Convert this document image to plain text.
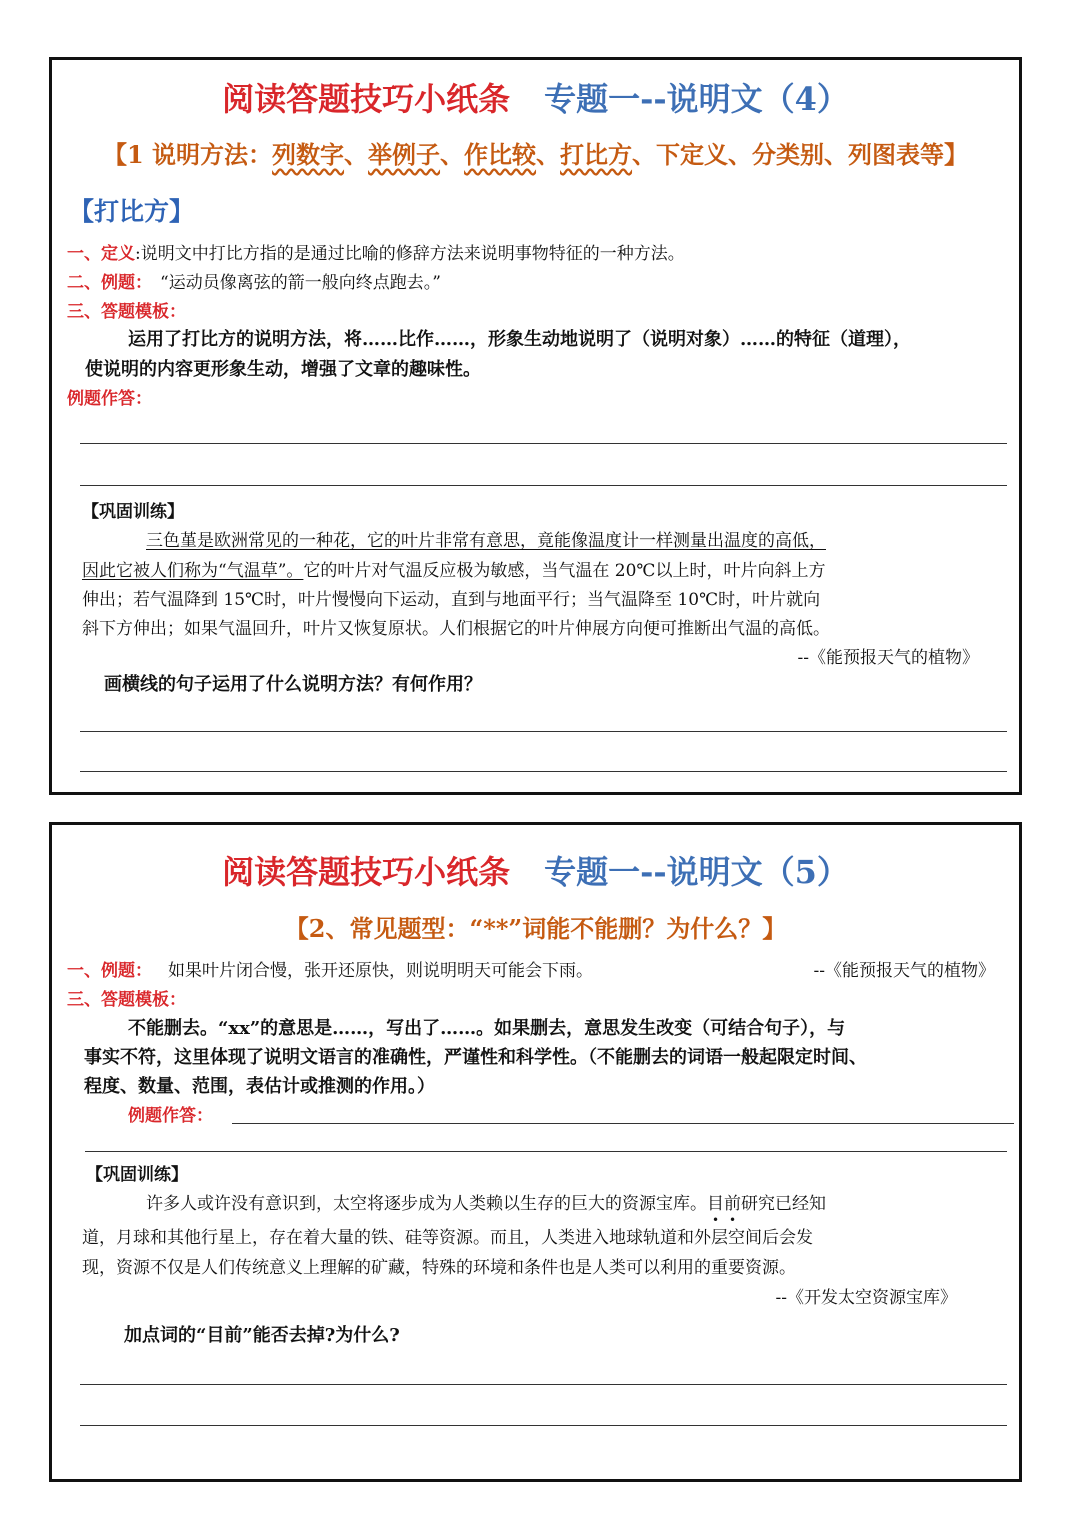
阅读答题技巧小纸条 专题一--说明文（4）
【1 说明方法：列数字、举例子、作比较、打比方、下定义、分类别、列图表等】
【打比方】
一、定义:说明文中打比方指的是通过比喻的修辞方法来说明事物特征的一种方法。
二、例题： “运动员像离弦的箭一般向终点跑去。”
三、答题模板：
运用了打比方的说明方法，将……比作……，形象生动地说明了（说明对象）……的特征（道理），
使说明的内容更形象生动，增强了文章的趣味性。
例题作答：
【巩固训练】
三色堇是欧洲常见的一种花，它的叶片非常有意思，竟能像温度计一样测量出温度的高低，
因此它被人们称为“气温草”。它的叶片对气温反应极为敏感，当气温在 20℃以上时，叶片向斜上方
伸出；若气温降到 15℃时，叶片慢慢向下运动，直到与地面平行；当气温降至 10℃时，叶片就向
斜下方伸出；如果气温回升，叶片又恢复原状。人们根据它的叶片伸展方向便可推断出气温的高低。
--《能预报天气的植物》
画横线的句子运用了什么说明方法？有何作用？
阅读答题技巧小纸条 专题一--说明文（5）
【2、常见题型：“**”词能不能删？为什么？】
一、例题： 如果叶片闭合慢，张开还原快，则说明明天可能会下雨。	--《能预报天气的植物》
三、答题模板：
不能删去。“xx”的意思是……，写出了……。如果删去，意思发生改变（可结合句子），与
事实不符，这里体现了说明文语言的准确性，严谨性和科学性。（不能删去的词语一般起限定时间、
程度、数量、范围，表估计或推测的作用。）
例题作答：
【巩固训练】
许多人或许没有意识到，太空将逐步成为人类赖以生存的巨大的资源宝库。目前研究已经知
道，月球和其他行星上，存在着大量的铁、硅等资源。而且，人类进入地球轨道和外层空间后会发
现，资源不仅是人们传统意义上理解的矿藏，特殊的环境和条件也是人类可以利用的重要资源。
--《开发太空资源宝库》
加点词的“目前”能否去掉?为什么?
